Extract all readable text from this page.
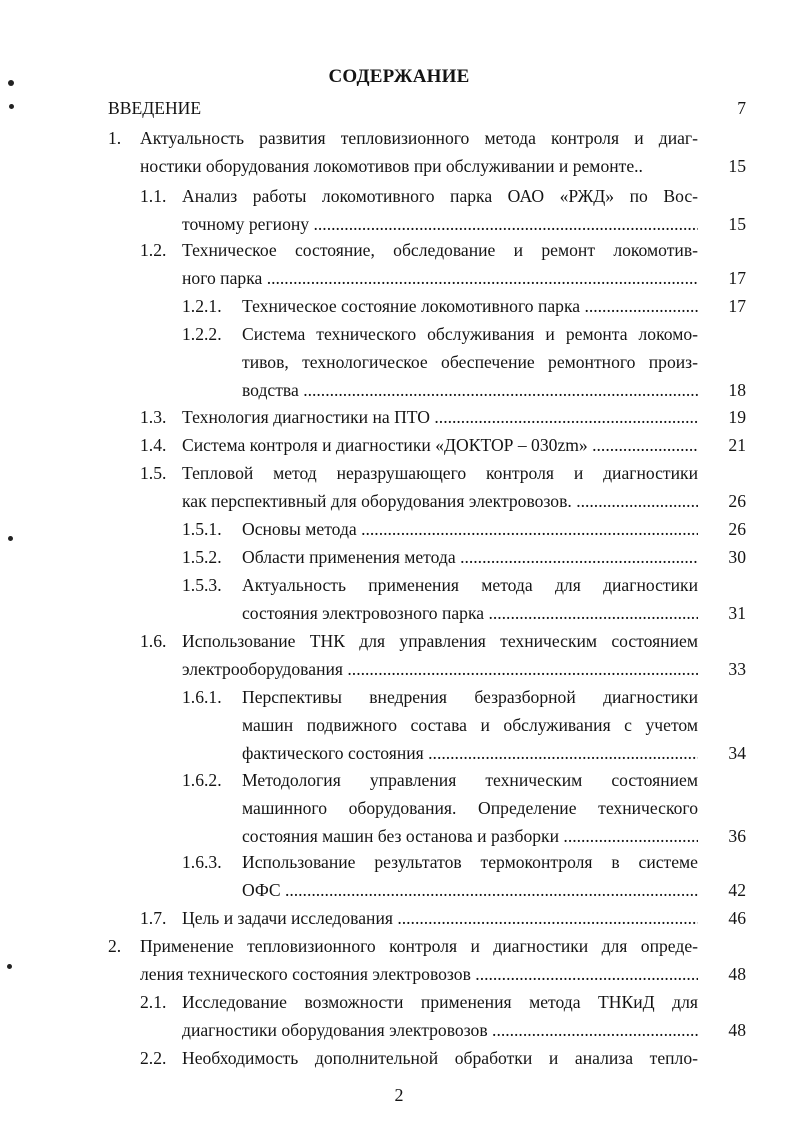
СОДЕРЖАНИЕ
ВВЕДЕНИЕ	7
1. Актуальность развития тепловизионного метода контроля и диаг-
ностики оборудования локомотивов при обслуживании и ремонте..	15
1.1. Анализ работы локомотивного парка ОАО «РЖД» по Вос-
точному региону .....	15
1.2. Техническое состояние, обследование и ремонт локомотив-
ного парка .....	17
1.2.1. Техническое состояние локомотивного парка .....	17
1.2.2. Система технического обслуживания и ремонта локомо-
тивов, технологическое обеспечение ремонтного произ-
водства .....	18
1.3. Технология диагностики на ПТО .....	19
1.4. Система контроля и диагностики «ДОКТОР – 030zm» .....	21
1.5. Тепловой метод неразрушающего контроля и диагностики
как перспективный для оборудования электровозов. .....	26
1.5.1. Основы метода .....	26
1.5.2. Области применения метода .....	30
1.5.3. Актуальность применения метода для диагностики
состояния электровозного парка .....	31
1.6. Использование ТНК для управления техническим состоянием
электрооборудования .....	33
1.6.1. Перспективы внедрения безразборной диагностики
машин подвижного состава и обслуживания с учетом
фактического состояния .....	34
1.6.2. Методология управления техническим состоянием
машинного оборудования. Определение технического
состояния машин без останова и разборки .....	36
1.6.3. Использование результатов термоконтроля в системе
ОФС .....	42
1.7. Цель и задачи исследования .....	46
2. Применение тепловизионного контроля и диагностики для опреде-
ления технического состояния электровозов .....	48
2.1. Исследование возможности применения метода ТНКиД для
диагностики оборудования электровозов .....	48
2.2. Необходимость дополнительной обработки и анализа тепло-
2
